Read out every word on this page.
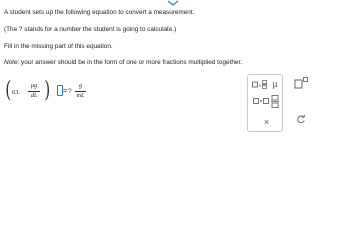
A student sets up the following equation to convert a measurement.
(The ? stands for a number the student is going to calculate.)
Fill in the missing part of this equation.
Note: your answer should be in the form of one or more fractions multiplied together.
( 63.
μg
dL ) = ?
g
mL
× μ
×
